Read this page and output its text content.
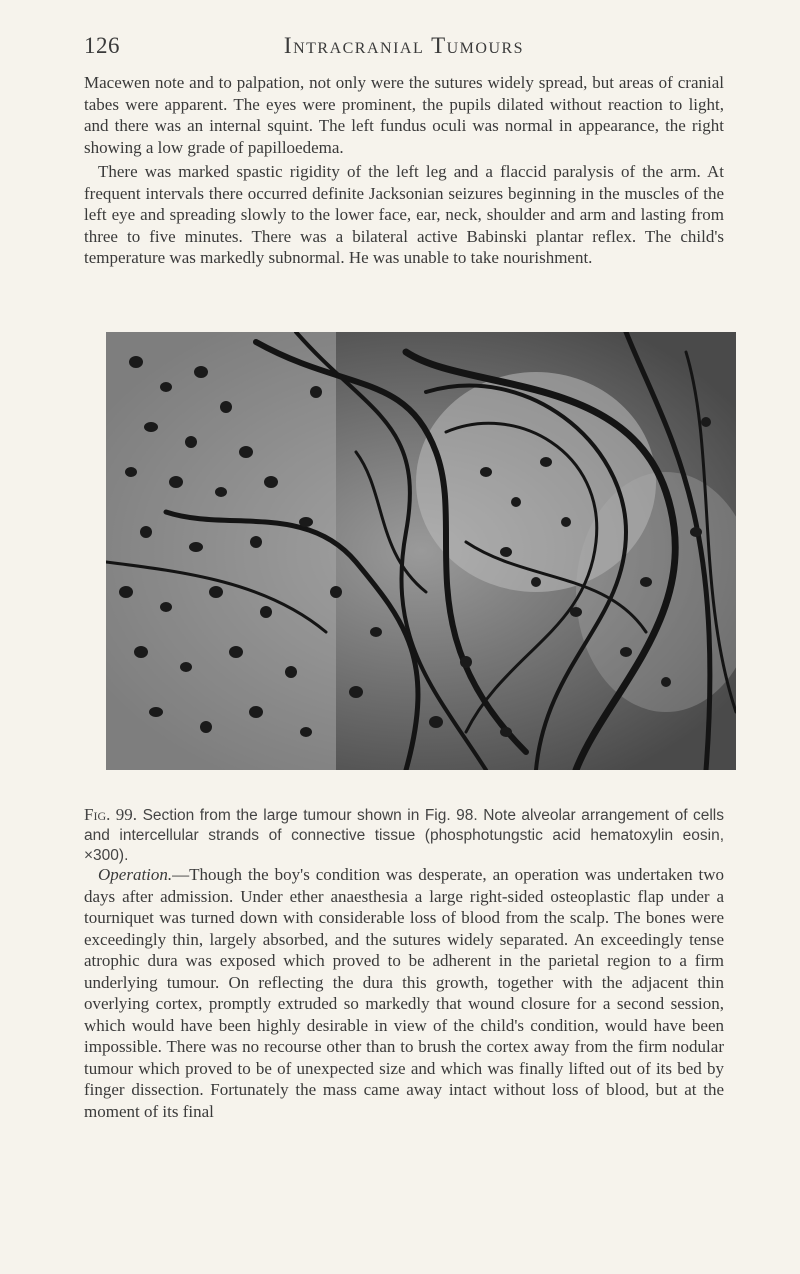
126	Intracranial Tumours

Macewen note and to palpation, not only were the sutures widely spread, but areas of cranial tabes were apparent. The eyes were prominent, the pupils dilated without reaction to light, and there was an internal squint. The left fundus oculi was normal in appearance, the right showing a low grade of papilloedema.

There was marked spastic rigidity of the left leg and a flaccid paralysis of the arm. At frequent intervals there occurred definite Jacksonian seizures beginning in the muscles of the left eye and spreading slowly to the lower face, ear, neck, shoulder and arm and lasting from three to five minutes. There was a bilateral active Babinski plantar reflex. The child's temperature was markedly subnormal. He was unable to take nourishment.

Fig. 99. Section from the large tumour shown in Fig. 98. Note alveolar arrangement of cells and intercellular strands of connective tissue (phosphotungstic acid hematoxylin eosin, ×300).

Operation.—Though the boy's condition was desperate, an operation was undertaken two days after admission. Under ether anaesthesia a large right-sided osteoplastic flap under a tourniquet was turned down with considerable loss of blood from the scalp. The bones were exceedingly thin, largely absorbed, and the sutures widely separated. An exceedingly tense atrophic dura was exposed which proved to be adherent in the parietal region to a firm underlying tumour. On reflecting the dura this growth, together with the adjacent thin overlying cortex, promptly extruded so markedly that wound closure for a second session, which would have been highly desirable in view of the child's condition, would have been impossible. There was no recourse other than to brush the cortex away from the firm nodular tumour which proved to be of unexpected size and which was finally lifted out of its bed by finger dissection. Fortunately the mass came away intact without loss of blood, but at the moment of its final
